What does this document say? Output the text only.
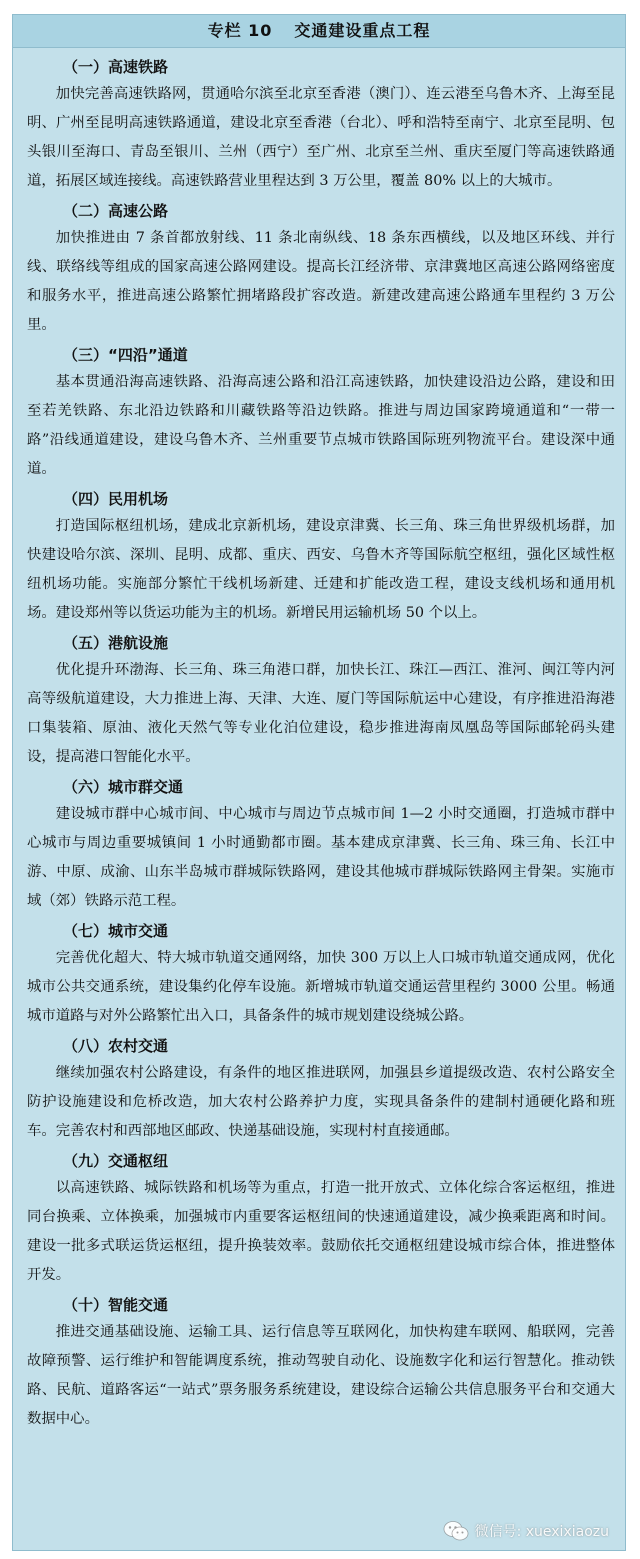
专栏 10 交通建设重点工程
（一）高速铁路

加快完善高速铁路网，贯通哈尔滨至北京至香港（澳门）、连云港至乌鲁木齐、上海至昆明、广州至昆明高速铁路通道，建设北京至香港（台北）、呼和浩特至南宁、北京至昆明、包头银川至海口、青岛至银川、兰州（西宁）至广州、北京至兰州、重庆至厦门等高速铁路通道，拓展区域连接线。高速铁路营业里程达到 3 万公里，覆盖 80% 以上的大城市。

（二）高速公路

加快推进由 7 条首都放射线、11 条北南纵线、18 条东西横线，以及地区环线、并行线、联络线等组成的国家高速公路网建设。提高长江经济带、京津冀地区高速公路网络密度和服务水平，推进高速公路繁忙拥堵路段扩容改造。新建改建高速公路通车里程约 3 万公里。

（三）“四沿”通道

基本贯通沿海高速铁路、沿海高速公路和沿江高速铁路，加快建设沿边公路，建设和田至若羌铁路、东北沿边铁路和川藏铁路等沿边铁路。推进与周边国家跨境通道和“一带一路”沿线通道建设，建设乌鲁木齐、兰州重要节点城市铁路国际班列物流平台。建设深中通道。

（四）民用机场

打造国际枢纽机场，建成北京新机场，建设京津冀、长三角、珠三角世界级机场群，加快建设哈尔滨、深圳、昆明、成都、重庆、西安、乌鲁木齐等国际航空枢纽，强化区域性枢纽机场功能。实施部分繁忙干线机场新建、迁建和扩能改造工程，建设支线机场和通用机场。建设郑州等以货运功能为主的机场。新增民用运输机场 50 个以上。

（五）港航设施

优化提升环渤海、长三角、珠三角港口群，加快长江、珠江—西江、淮河、闽江等内河高等级航道建设，大力推进上海、天津、大连、厦门等国际航运中心建设，有序推进沿海港口集装箱、原油、液化天然气等专业化泊位建设，稳步推进海南凤凰岛等国际邮轮码头建设，提高港口智能化水平。

（六）城市群交通

建设城市群中心城市间、中心城市与周边节点城市间 1—2 小时交通圈，打造城市群中心城市与周边重要城镇间 1 小时通勤都市圈。基本建成京津冀、长三角、珠三角、长江中游、中原、成渝、山东半岛城市群城际铁路网，建设其他城市群城际铁路网主骨架。实施市域（郊）铁路示范工程。

（七）城市交通

完善优化超大、特大城市轨道交通网络，加快 300 万以上人口城市轨道交通成网，优化城市公共交通系统，建设集约化停车设施。新增城市轨道交通运营里程约 3000 公里。畅通城市道路与对外公路繁忙出入口，具备条件的城市规划建设绕城公路。

（八）农村交通

继续加强农村公路建设，有条件的地区推进联网，加强县乡道提级改造、农村公路安全防护设施建设和危桥改造，加大农村公路养护力度，实现具备条件的建制村通硬化路和班车。完善农村和西部地区邮政、快递基础设施，实现村村直接通邮。

（九）交通枢纽

以高速铁路、城际铁路和机场等为重点，打造一批开放式、立体化综合客运枢纽，推进同台换乘、立体换乘，加强城市内重要客运枢纽间的快速通道建设，减少换乘距离和时间。建设一批多式联运货运枢纽，提升换装效率。鼓励依托交通枢纽建设城市综合体，推进整体开发。

（十）智能交通

推进交通基础设施、运输工具、运行信息等互联网化，加快构建车联网、船联网，完善故障预警、运行维护和智能调度系统，推动驾驶自动化、设施数字化和运行智慧化。推动铁路、民航、道路客运“一站式”票务服务系统建设，建设综合运输公共信息服务平台和交通大数据中心。

微信号: xuexixiaozu
